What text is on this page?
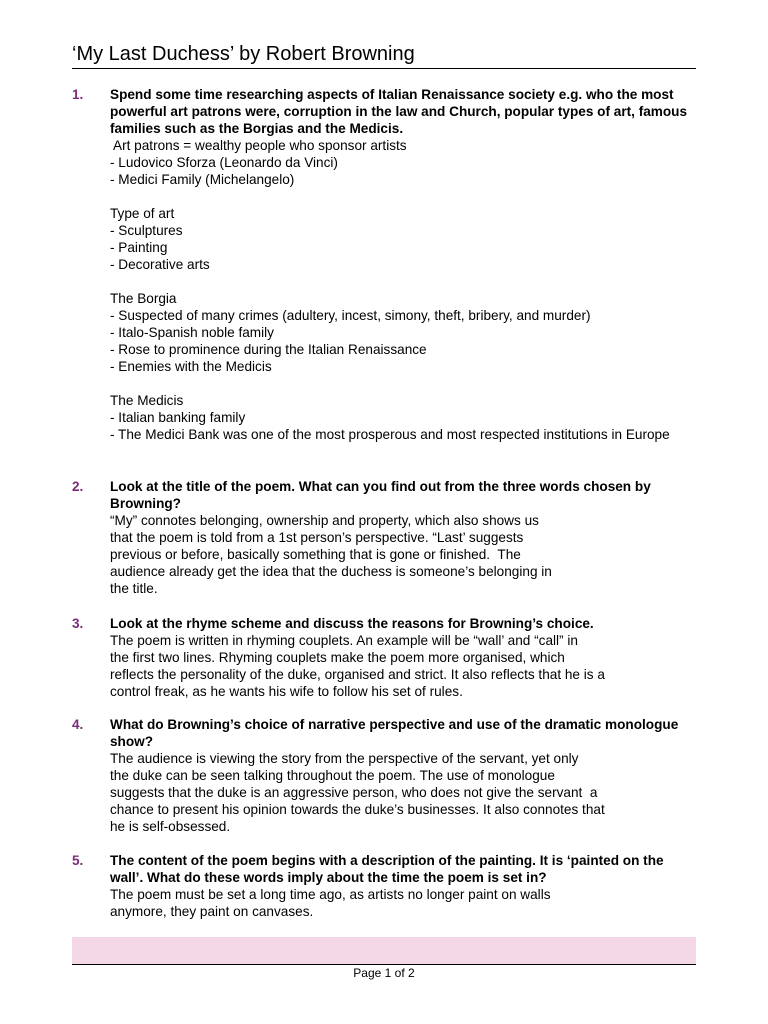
‘My Last Duchess’ by Robert Browning
1.	Spend some time researching aspects of Italian Renaissance society e.g. who the most powerful art patrons were, corruption in the law and Church, popular types of art, famous families such as the Borgias and the Medicis.
Art patrons = wealthy people who sponsor artists
- Ludovico Sforza (Leonardo da Vinci)
- Medici Family (Michelangelo)
Type of art
- Sculptures
- Painting
- Decorative arts
The Borgia
- Suspected of many crimes (adultery, incest, simony, theft, bribery, and murder)
- Italo-Spanish noble family
- Rose to prominence during the Italian Renaissance
- Enemies with the Medicis
The Medicis
- Italian banking family
- The Medici Bank was one of the most prosperous and most respected institutions in Europe
2.	Look at the title of the poem. What can you find out from the three words chosen by Browning?
“My” connotes belonging, ownership and property, which also shows us
that the poem is told from a 1st person’s perspective. “Last’ suggests
previous or before, basically something that is gone or finished.  The
audience already get the idea that the duchess is someone’s belonging in
the title.
3.	Look at the rhyme scheme and discuss the reasons for Browning’s choice.
The poem is written in rhyming couplets. An example will be “wall’ and “call” in
the first two lines. Rhyming couplets make the poem more organised, which
reflects the personality of the duke, organised and strict. It also reflects that he is a
control freak, as he wants his wife to follow his set of rules.
4.	What do Browning’s choice of narrative perspective and use of the dramatic monologue show?
The audience is viewing the story from the perspective of the servant, yet only
the duke can be seen talking throughout the poem. The use of monologue
suggests that the duke is an aggressive person, who does not give the servant  a
chance to present his opinion towards the duke’s businesses. It also connotes that
he is self-obsessed.
5.	The content of the poem begins with a description of the painting. It is ‘painted on the wall’. What do these words imply about the time the poem is set in?
The poem must be set a long time ago, as artists no longer paint on walls
anymore, they paint on canvases.
Page 1 of 2
